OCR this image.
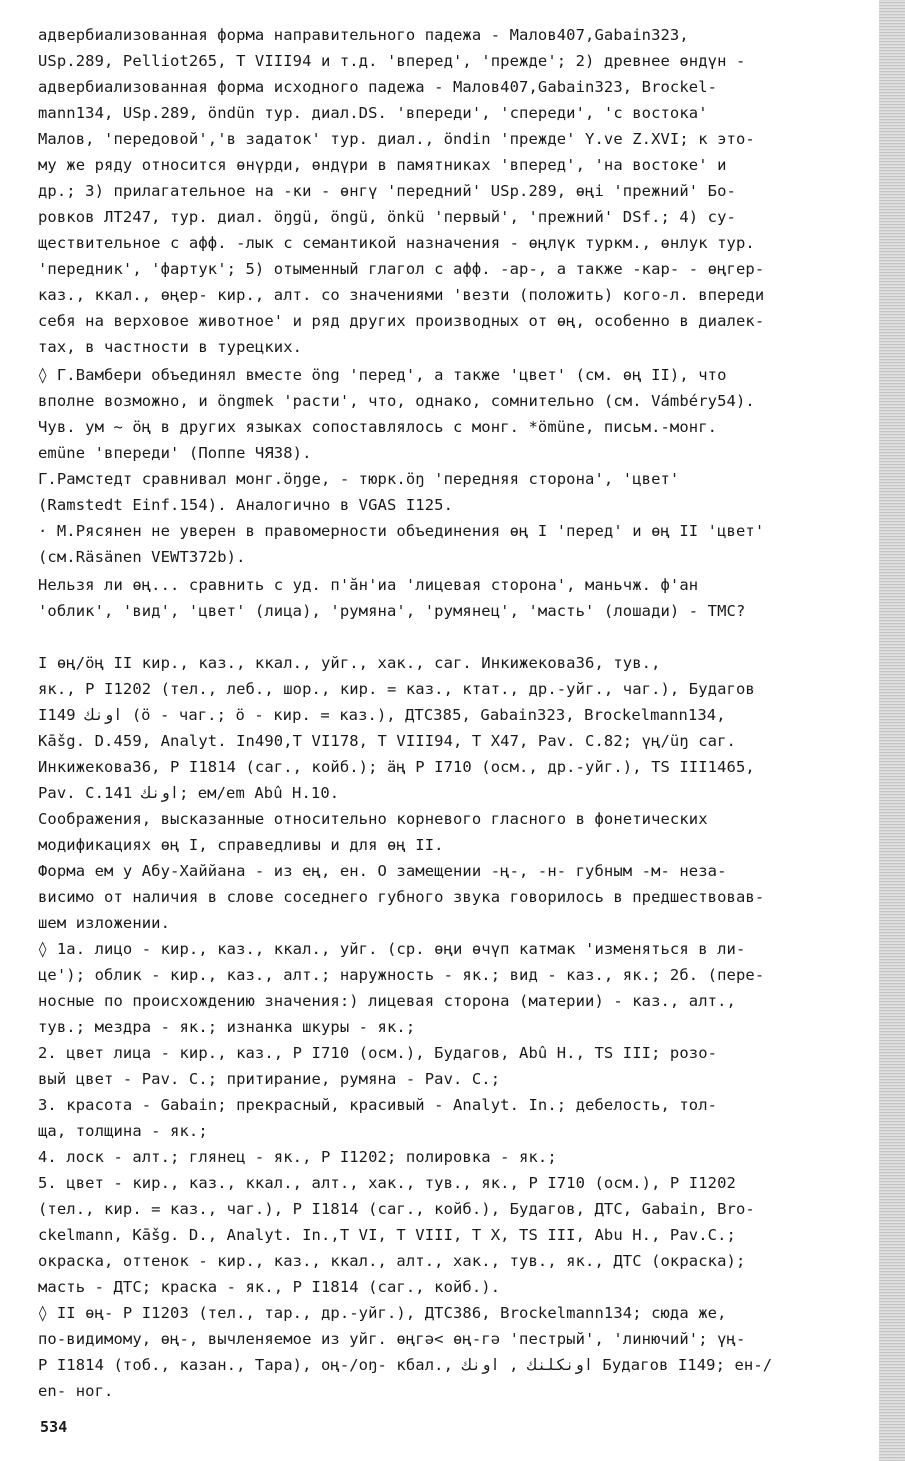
адвербиализованная форма направительного падежа - Малов407,Gabain323,
USp.289, Pelliot265, T VIII94 и т.д. 'вперед', 'прежде'; 2) древнее өндүн -
адвербиализованная форма исходного падежа - Малов407,Gabain323, Brockel-
mann134, USp.289, öndün тур. диал.DS. 'впереди', 'спереди', 'с востока'
Малов, 'передовой','в задаток' тур. диал., öndin 'прежде' Y.ve Z.XVI; к это-
му же ряду относится өнүрди, өндүри в памятниках 'вперед', 'на востоке' и
др.; 3) прилагательное на -ки - өнгү 'передний' USp.289, өңі 'прежний' Бо-
ровков ЛТ247, тур. диал. öŋgü, öngü, önkü 'первый', 'прежний' DSf.; 4) су-
ществительное с афф. -лык с семантикой назначения - өңлүк туркм., өнлук тур.
'передник', 'фартук'; 5) отыменный глагол с афф. -ар-, а также -кар- - өңгер-
каз., ккал., өңер- кир., алт. со значениями 'везти (положить) кого-л. впереди
себя на верховое животное' и ряд других производных от өң, особенно в диалек-
тах, в частности в турецких.
◊ Г.Вамбери объединял вместе öng 'перед', а также 'цвет' (см. өң II), что
вполне возможно, и öngmek 'расти', что, однако, сомнительно (см. Vámbéry54).
Чув. ум ~ öң в других языках сопоставлялось с монг. *ömüne, письм.-монг.
emüne 'впереди' (Поппе ЧЯ38).
Г.Рамстедт сравнивал монг.öŋge, - тюрк.öŋ 'передняя сторона', 'цвет'
(Ramstedt Einf.154). Аналогично в VGAS I125.
· М.Рясянен не уверен в правомерности объединения өң I 'перед' и өң II 'цвет'
(см.Räsänen VEWT372b).
Нельзя ли өң... сравнить с уд. п'ăн'иа 'лицевая сторона', маньчж. ф'ан
'облик', 'вид', 'цвет' (лица), 'румяна', 'румянец', 'масть' (лошади) - ТМС?
I өң/öң II кир., каз., ккал., уйг., хак., саг. Инкижекова36, тув.,
як., Р I1202 (тел., леб., шор., кир. = каз., ктат., др.-уйг., чаг.), Будагов
I149 اونك (ö - чаг.; ö - кир. = каз.), ДТС385, Gabain323, Brockelmann134,
Kāšg. D.459, Analyt. In490,T VI178, T VIII94, T X47, Pav. C.82; үң/üŋ саг.
Инкижекова36, Р I1814 (саг., койб.); äң Р I710 (осм., др.-уйг.), TS III1465,
Pav. C.141 اونك; ем/em Abû H.10.
Соображения, высказанные относительно корневого гласного в фонетических
модификациях өң I, справедливы и для өң II.
Форма ем у Абу-Хаййана - из ең, ен. О замещении -ң-, -н- губным -м- неза-
висимо от наличия в слове соседнего губного звука говорилось в предшествовав-
шем изложении.
◊ 1а. лицо - кир., каз., ккал., уйг. (ср. өңи өчүп катмак 'изменяться в ли-
це'); облик - кир., каз., алт.; наружность - як.; вид - каз., як.; 2б. (пере-
носные по происхождению значения:) лицевая сторона (материи) - каз., алт.,
тув.; мездра - як.; изнанка шкуры - як.;
2. цвет лица - кир., каз., Р I710 (осм.), Будагов, Abû H., TS III; розо-
вый цвет - Pav. C.; притирание, румяна - Pav. C.;
3. красота - Gabain; прекрасный, красивый - Analyt. In.; дебелость, тол-
ща, толщина - як.;
4. лоск - алт.; глянец - як., Р I1202; полировка - як.;
5. цвет - кир., каз., ккал., алт., хак., тув., як., Р I710 (осм.), Р I1202
(тел., кир. = каз., чаг.), Р I1814 (саг., койб.), Будагов, ДТС, Gabain, Bro-
ckelmann, Kāšg. D., Analyt. In.,T VI, T VIII, T X, TS III, Abu H., Pav.C.;
окраска, оттенок - кир., каз., ккал., алт., хак., тув., як., ДТС (окраска);
масть - ДТС; краска - як., Р I1814 (саг., койб.).
◊ II өң- Р I1203 (тел., тар., др.-уйг.), ДТС386, Brockelmann134; сюда же,
по-видимому, өң-, вычленяемое из уйг. өңгә< өң-гә 'пестрый', 'линючий'; үң-
Р I1814 (тоб., казан., Тара), оң-/oŋ- кбал., اونكلنك , اونك Будагов I149; ен-/
en- ног.
534
